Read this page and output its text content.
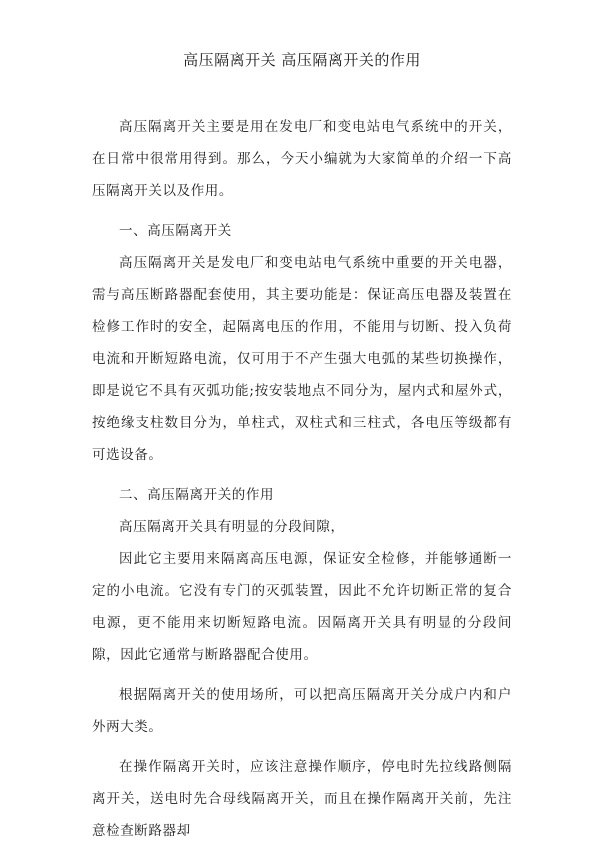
高压隔离开关 高压隔离开关的作用

高压隔离开关主要是用在发电厂和变电站电气系统中的开关，在日常中很常用得到。那么，今天小编就为大家简单的介绍一下高压隔离开关以及作用。

一、高压隔离开关

高压隔离开关是发电厂和变电站电气系统中重要的开关电器，需与高压断路器配套使用，其主要功能是：保证高压电器及装置在检修工作时的安全，起隔离电压的作用，不能用与切断、投入负荷电流和开断短路电流，仅可用于不产生强大电弧的某些切换操作，即是说它不具有灭弧功能;按安装地点不同分为，屋内式和屋外式，按绝缘支柱数目分为，单柱式，双柱式和三柱式，各电压等级都有可选设备。

二、高压隔离开关的作用

高压隔离开关具有明显的分段间隙，

因此它主要用来隔离高压电源，保证安全检修，并能够通断一定的小电流。它没有专门的灭弧装置，因此不允许切断正常的复合电源，更不能用来切断短路电流。因隔离开关具有明显的分段间隙，因此它通常与断路器配合使用。

根据隔离开关的使用场所，可以把高压隔离开关分成户内和户外两大类。

在操作隔离开关时，应该注意操作顺序，停电时先拉线路侧隔离开关，送电时先合母线隔离开关，而且在操作隔离开关前，先注意检查断路器却
